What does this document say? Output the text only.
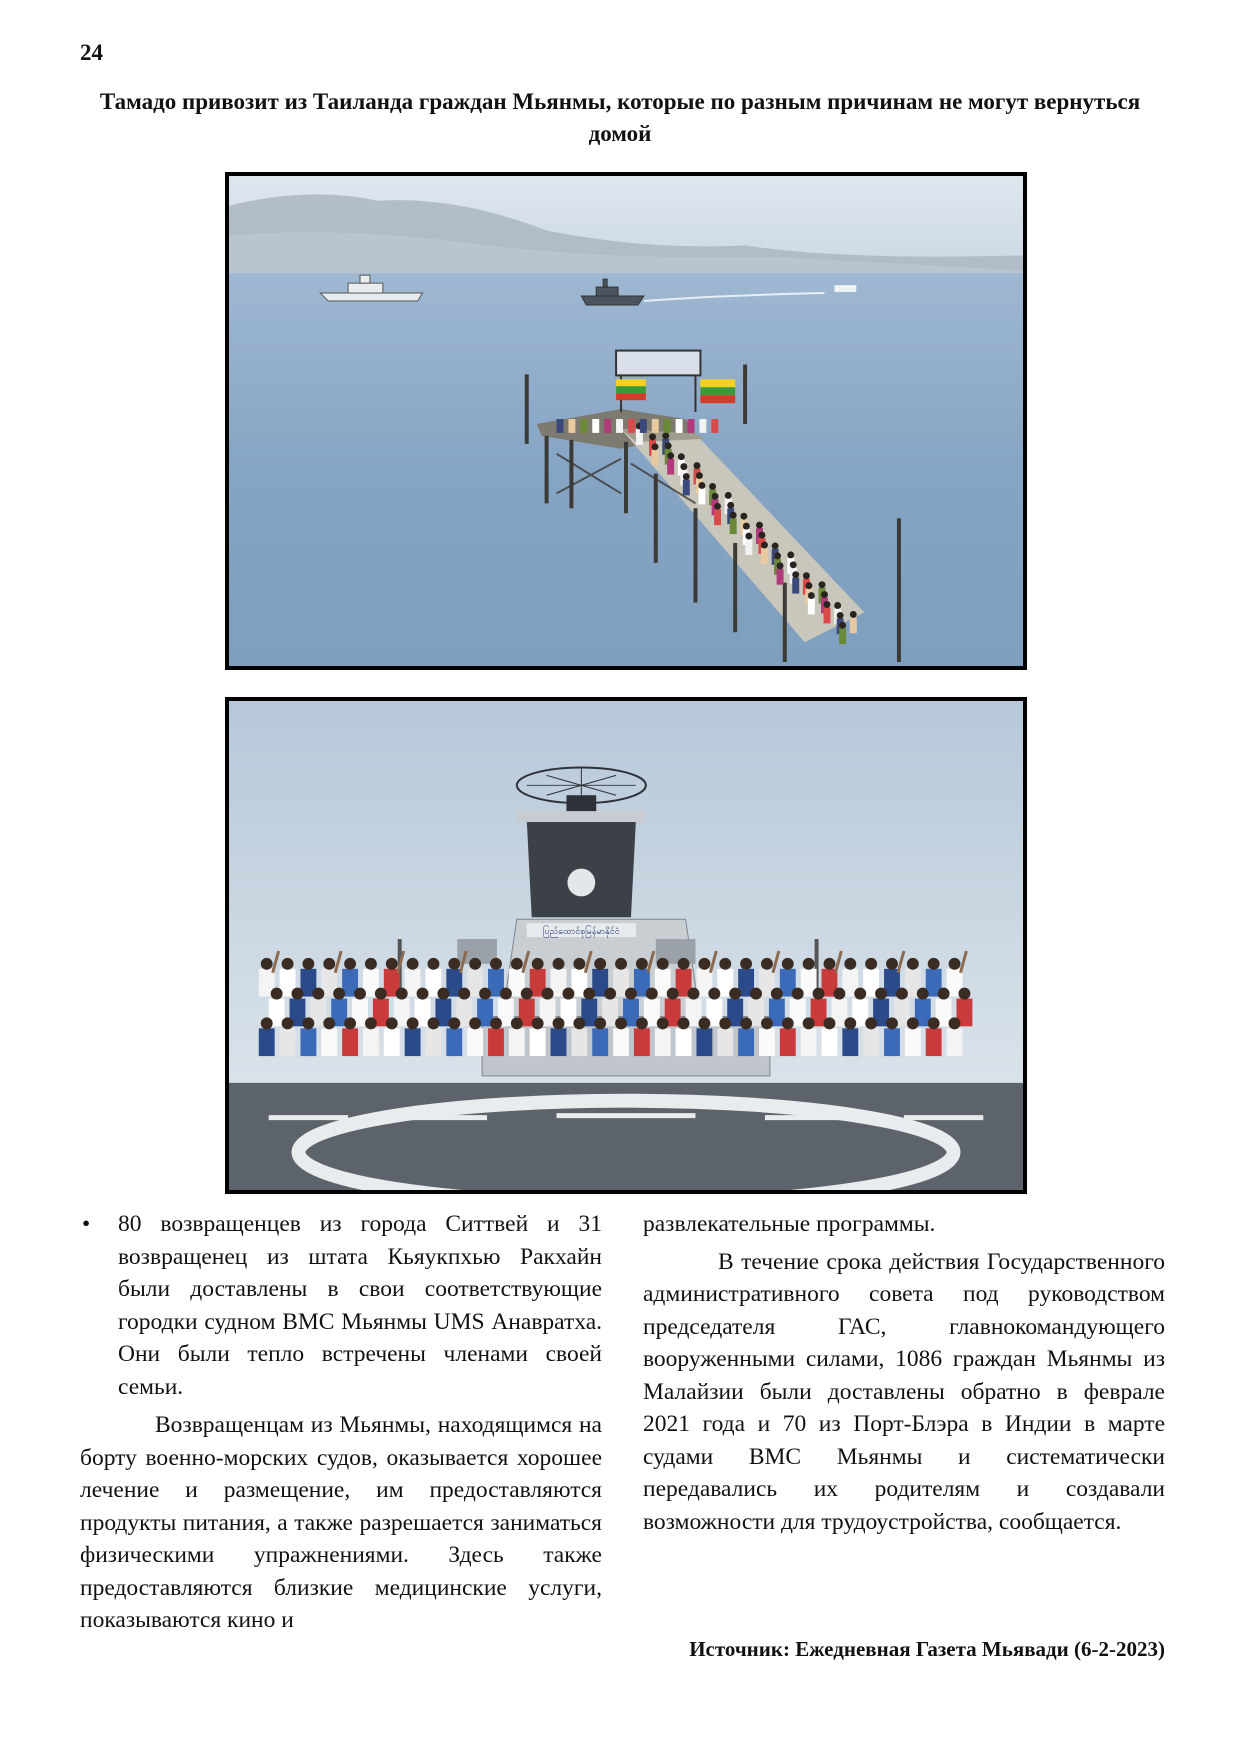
24
Тамадо привозит из Таиланда граждан Мьянмы, которые по разным причинам не могут вернуться домой
ပြည်ထောင်စုမြန်မာနိုင်ငံ
• 80 возвращенцев из города Ситтвей и 31 возвращенец из штата Кьяукпхью Ракхайн были доставлены в свои соответствующие городки судном ВМС Мьянмы UMS Анавратха. Они были тепло встречены членами своей семьи.

Возвращенцам из Мьянмы, находящимся на борту военно-морских судов, оказывается хорошее лечение и размещение, им предоставляются продукты питания, а также разрешается заниматься физическими упражнениями. Здесь также предоставляются близкие медицинские услуги, показываются кино и

развлекательные программы.

В течение срока действия Государственного административного совета под руководством председателя ГАС, главнокомандующего вооруженными силами, 1086 граждан Мьянмы из Малайзии были доставлены обратно в феврале 2021 года и 70 из Порт-Блэра в Индии в марте судами ВМС Мьянмы и систематически передавались их родителям и создавали возможности для трудоустройства, сообщается.

Источник: Ежедневная Газета Мьявади (6-2-2023)
